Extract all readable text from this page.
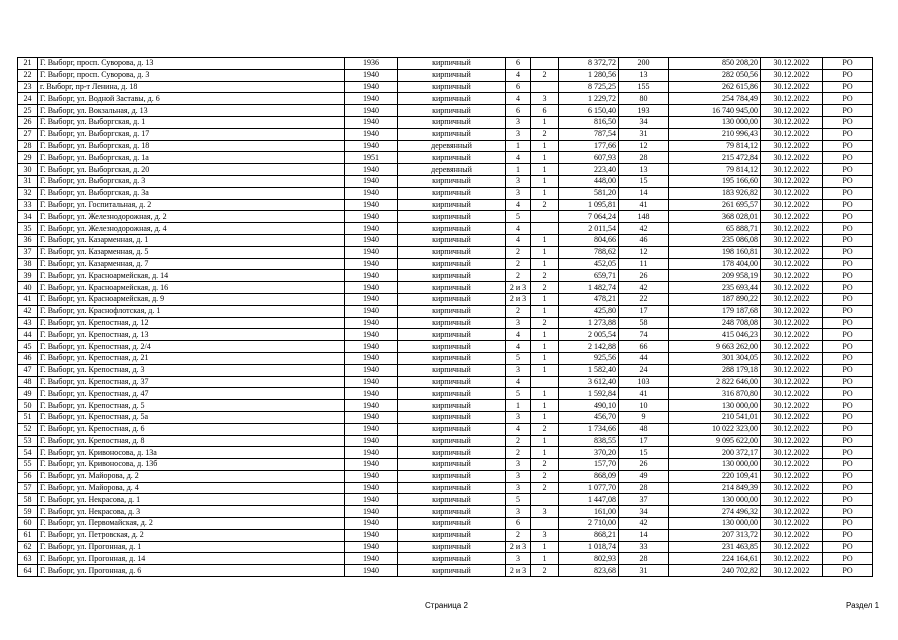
21	Г. Выборг, просп. Суворова, д. 13	1936	кирпичный	6		8 372,72	200	850 208,20	30.12.2022	РО
22	Г. Выборг, просп. Суворова, д. 3	1940	кирпичный	4	2	1 280,56	13	282 050,56	30.12.2022	РО
23	г. Выборг, пр-т Ленина, д. 18	1940	кирпичный	6		8 725,25	155	262 615,86	30.12.2022	РО
24	Г. Выборг, ул. Водной Заставы, д. 6	1940	кирпичный	4	3	1 229,72	80	254 784,49	30.12.2022	РО
25	Г. Выборг, ул. Вокзальная, д. 13	1940	кирпичный	6	6	6 150,40	193	16 740 945,00	30.12.2022	РО
26	Г. Выборг, ул. Выборгская, д. 1	1940	кирпичный	3	1	816,50	34	130 000,00	30.12.2022	РО
27	Г. Выборг, ул. Выборгская, д. 17	1940	кирпичный	3	2	787,54	31	210 996,43	30.12.2022	РО
28	Г. Выборг, ул. Выборгская, д. 18	1940	деревянный	1	1	177,66	12	79 814,12	30.12.2022	РО
29	Г. Выборг, ул. Выборгская, д. 1а	1951	кирпичный	4	1	607,93	28	215 472,84	30.12.2022	РО
30	Г. Выборг, ул. Выборгская, д. 20	1940	деревянный	1	1	223,40	13	79 814,12	30.12.2022	РО
31	Г. Выборг, ул. Выборгская, д. 3	1940	кирпичный	3	1	448,00	15	195 166,60	30.12.2022	РО
32	Г. Выборг, ул. Выборгская, д. 3а	1940	кирпичный	3	1	581,20	14	183 926,82	30.12.2022	РО
33	Г. Выборг, ул. Госпитальная, д. 2	1940	кирпичный	4	2	1 095,81	41	261 695,57	30.12.2022	РО
34	Г. Выборг, ул. Железнодорожная, д. 2	1940	кирпичный	5		7 064,24	148	368 028,01	30.12.2022	РО
35	Г. Выборг, ул. Железнодорожная, д. 4	1940	кирпичный	4		2 011,54	42	65 888,71	30.12.2022	РО
36	Г. Выборг, ул. Казарменная, д. 1	1940	кирпичный	4	1	804,66	46	235 086,08	30.12.2022	РО
37	Г. Выборг, ул. Казарменная, д. 5	1940	кирпичный	2	1	788,62	12	198 160,81	30.12.2022	РО
38	Г. Выборг, ул. Казарменная, д. 7	1940	кирпичный	2	1	452,05	11	178 404,00	30.12.2022	РО
39	Г. Выборг, ул. Красноармейская, д. 14	1940	кирпичный	2	2	659,71	26	209 958,19	30.12.2022	РО
40	Г. Выборг, ул. Красноармейская, д. 16	1940	кирпичный	2 и 3	2	1 482,74	42	235 693,44	30.12.2022	РО
41	Г. Выборг, ул. Красноармейская, д. 9	1940	кирпичный	2 и 3	1	478,21	22	187 890,22	30.12.2022	РО
42	Г. Выборг, ул. Краснофлотская, д. 1	1940	кирпичный	2	1	425,80	17	179 187,68	30.12.2022	РО
43	Г. Выборг, ул. Крепостная, д. 12	1940	кирпичный	3	2	1 273,88	58	248 708,08	30.12.2022	РО
44	Г. Выборг, ул. Крепостная, д. 13	1940	кирпичный	4	1	2 005,54	74	415 046,23	30.12.2022	РО
45	Г. Выборг, ул. Крепостная, д. 2/4	1940	кирпичный	4	1	2 142,88	66	9 663 262,00	30.12.2022	РО
46	Г. Выборг, ул. Крепостная, д. 21	1940	кирпичный	5	1	925,56	44	301 304,05	30.12.2022	РО
47	Г. Выборг, ул. Крепостная, д. 3	1940	кирпичный	3	1	1 582,40	24	288 179,18	30.12.2022	РО
48	Г. Выборг, ул. Крепостная, д. 37	1940	кирпичный	4		3 612,40	103	2 822 646,00	30.12.2022	РО
49	Г. Выборг, ул. Крепостная, д. 47	1940	кирпичный	5	1	1 592,84	41	316 870,80	30.12.2022	РО
50	Г. Выборг, ул. Крепостная, д. 5	1940	кирпичный	1	1	490,10	10	130 000,00	30.12.2022	РО
51	Г. Выборг, ул. Крепостная, д. 5а	1940	кирпичный	3	1	456,70	9	210 541,01	30.12.2022	РО
52	Г. Выборг, ул. Крепостная, д. 6	1940	кирпичный	4	2	1 734,66	48	10 022 323,00	30.12.2022	РО
53	Г. Выборг, ул. Крепостная, д. 8	1940	кирпичный	2	1	838,55	17	9 095 622,00	30.12.2022	РО
54	Г. Выборг, ул. Кривоносова, д. 13а	1940	кирпичный	2	1	370,20	15	200 372,17	30.12.2022	РО
55	Г. Выборг, ул. Кривоносова, д. 13б	1940	кирпичный	3	2	157,70	26	130 000,00	30.12.2022	РО
56	Г. Выборг, ул. Майорова, д. 2	1940	кирпичный	3	2	868,09	49	220 109,41	30.12.2022	РО
57	Г. Выборг, ул. Майорова, д. 4	1940	кирпичный	3	2	1 077,70	28	214 849,39	30.12.2022	РО
58	Г. Выборг, ул. Некрасова, д. 1	1940	кирпичный	5		1 447,08	37	130 000,00	30.12.2022	РО
59	Г. Выборг, ул. Некрасова, д. 3	1940	кирпичный	3	3	161,00	34	274 496,32	30.12.2022	РО
60	Г. Выборг, ул. Первомайская, д. 2	1940	кирпичный	6		2 710,00	42	130 000,00	30.12.2022	РО
61	Г. Выборг, ул. Петровская, д. 2	1940	кирпичный	2	3	868,21	14	207 313,72	30.12.2022	РО
62	Г. Выборг, ул. Прогонная, д. 1	1940	кирпичный	2 и 3	1	1 018,74	33	231 463,85	30.12.2022	РО
63	Г. Выборг, ул. Прогонная, д. 14	1940	кирпичный	3	1	802,93	28	224 164,61	30.12.2022	РО
64	Г. Выборг, ул. Прогонная, д. 6	1940	кирпичный	2 и 3	2	823,68	31	240 702,82	30.12.2022	РО
Страница 2	Раздел 1
